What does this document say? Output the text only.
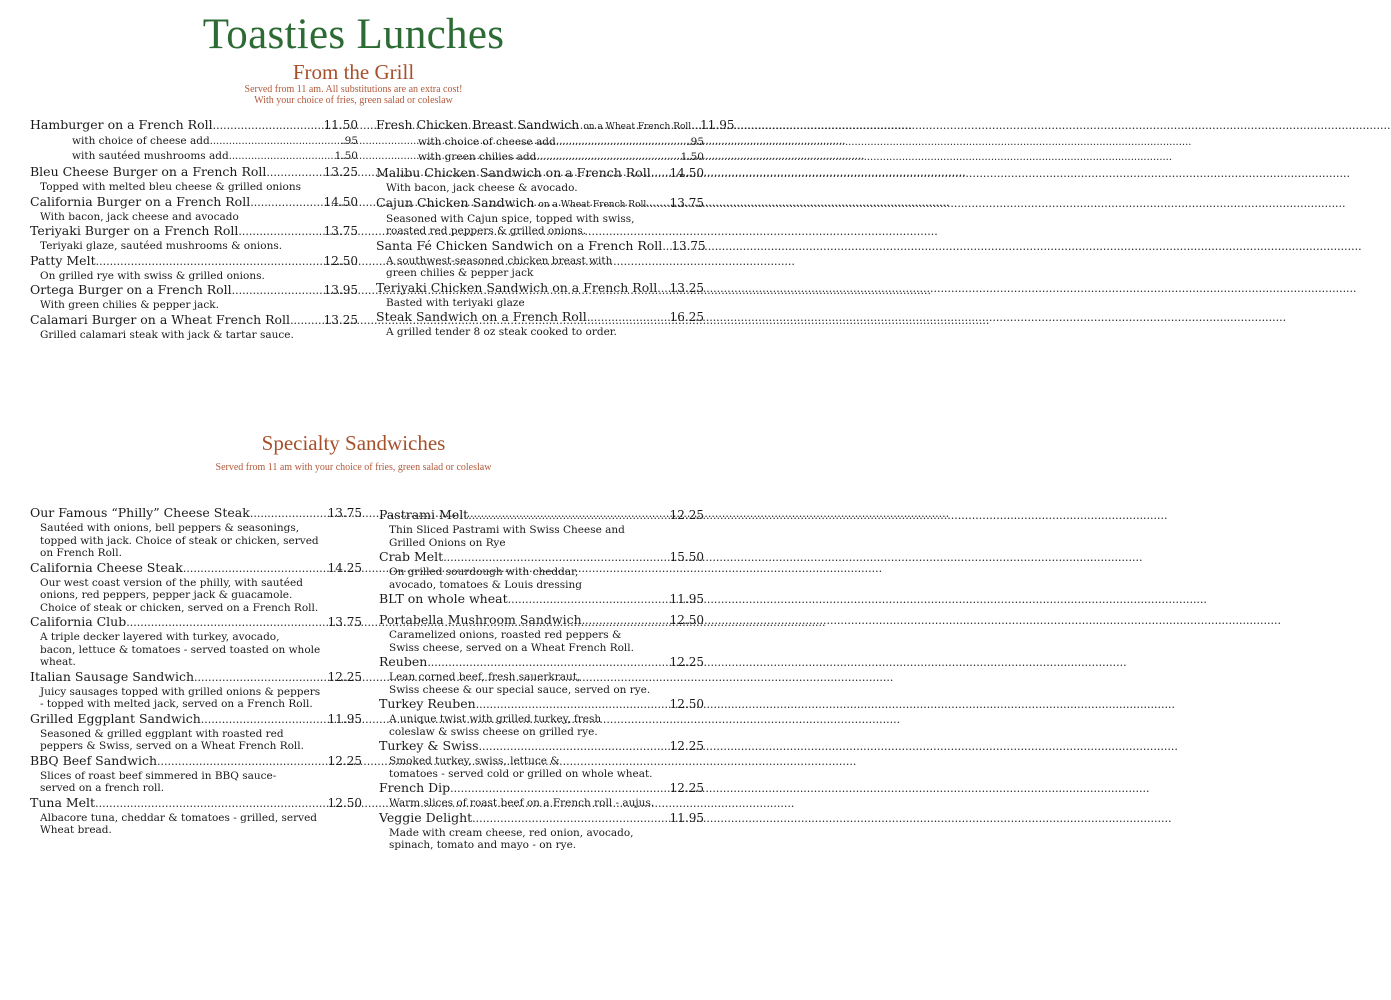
Toasties Lunches
From the Grill
Served from 11 am. All substitutions are an extra cost!
With your choice of fries, green salad or coleslaw
Hamburger on a French Roll .....	11.50
with choice of cheese add .....	.95
with sautéed mushrooms add .....	1.50
Bleu Cheese Burger on a French Roll .....	13.25
Topped with melted bleu cheese & grilled onions
California Burger on a French Roll .....	14.50
With bacon, jack cheese and avocado
Teriyaki Burger on a French Roll .....	13.75
Teriyaki glaze, sautéed mushrooms & onions.
Patty Melt .....	12.50
On grilled rye with swiss & grilled onions.
Ortega Burger on a French Roll .....	13.95
With green chilies & pepper jack.
Calamari Burger on a Wheat French Roll .....	13.25
Grilled calamari steak with jack & tartar sauce.
Fresh Chicken Breast Sandwich on a Wheat French Roll ..... 11.95
with choice of cheese add .....	.95
with green chilies add .....	1.50
Malibu Chicken Sandwich on a French Roll ..... 14.50
With bacon, jack cheese & avocado.
Cajun Chicken Sandwich on a Wheat French Roll ..... 13.75
Seasoned with Cajun spice, topped with swiss,
roasted red peppers & grilled onions.
Santa Fé Chicken Sandwich on a French Roll ..... 13.75
A southwest-seasoned chicken breast with
green chilies & pepper jack
Teriyaki Chicken Sandwich on a French Roll ..... 13.25
Basted with teriyaki glaze
Steak Sandwich on a French Roll .....	16.25
A grilled tender 8 oz steak cooked to order.
Specialty Sandwiches
Served from 11 am with your choice of fries, green salad or coleslaw
Our Famous “Philly” Cheese Steak .....	13.75
Sautéed with onions, bell peppers & seasonings,
topped with jack. Choice of steak or chicken, served
on French Roll.
California Cheese Steak .....	14.25
Our west coast version of the philly, with sautéed
onions, red peppers, pepper jack & guacamole.
Choice of steak or chicken, served on a French Roll.
California Club .....	13.75
A triple decker layered with turkey, avocado,
bacon, lettuce & tomatoes - served toasted on whole
wheat.
Italian Sausage Sandwich .....	12.25
Juicy sausages topped with grilled onions & peppers
- topped with melted jack, served on a French Roll.
Grilled Eggplant Sandwich .....	11.95
Seasoned & grilled eggplant with roasted red
peppers & Swiss, served on a Wheat French Roll.
BBQ Beef Sandwich .....	12.25
Slices of roast beef simmered in BBQ sauce-
served on a french roll.
Tuna Melt .....	12.50
Albacore tuna, cheddar & tomatoes - grilled, served
Wheat bread.
Pastrami Melt .....	12.25
Thin Sliced Pastrami with Swiss Cheese and
Grilled Onions on Rye
Crab Melt .....	15.50
On grilled sourdough with cheddar,
avocado, tomatoes & Louis dressing
BLT on whole wheat .....	11.95
Portabella Mushroom Sandwich .....	12.50
Caramelized onions, roasted red peppers &
Swiss cheese, served on a Wheat French Roll.
Reuben .....	12.25
Lean corned beef, fresh sauerkraut,
Swiss cheese & our special sauce, served on rye.
Turkey Reuben .....	12.50
A unique twist with grilled turkey, fresh
coleslaw & swiss cheese on grilled rye.
Turkey & Swiss .....	12.25
Smoked turkey, swiss, lettuce &
tomatoes - served cold or grilled on whole wheat.
French Dip .....	12.25
Warm slices of roast beef on a French roll - aujus.
Veggie Delight .....	11.95
Made with cream cheese, red onion, avocado,
spinach, tomato and mayo - on rye.
